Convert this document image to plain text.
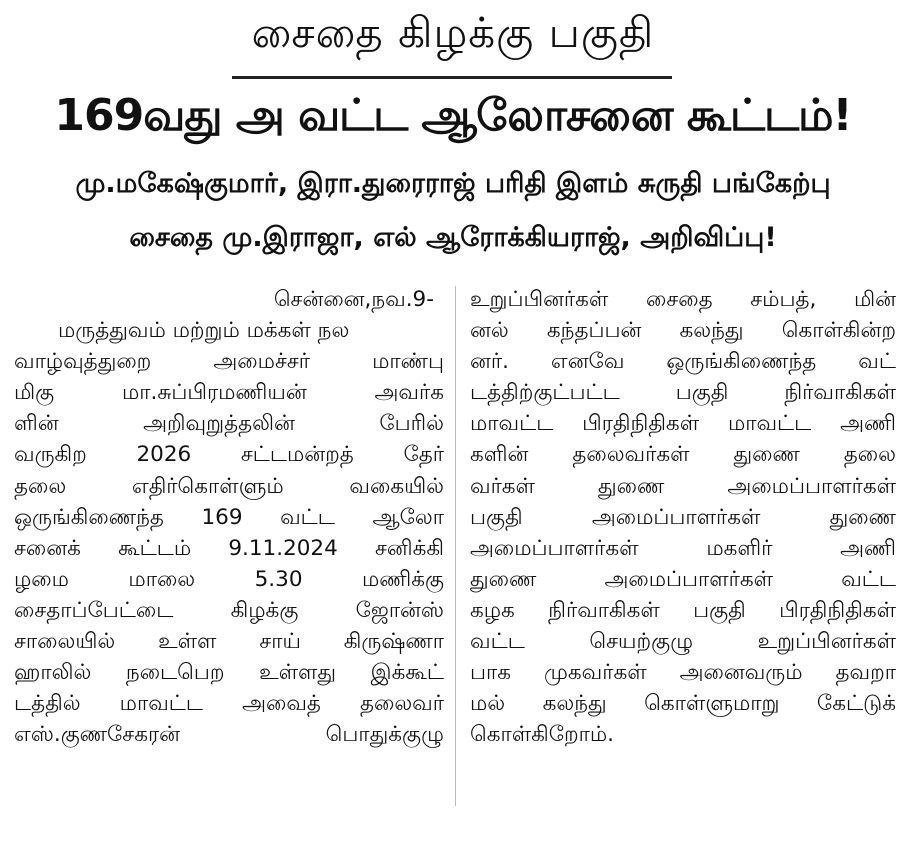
சைதை கிழக்கு பகுதி
169வது அ வட்ட ஆலோசனை கூட்டம்!
மு.மகேஷ்குமார், இரா.துரைராஜ் பரிதி இளம் சுருதி பங்கேற்பு
சைதை மு.இராஜா, எல் ஆரோக்கியராஜ், அறிவிப்பு!
சென்னை,நவ.9-
மருத்துவம் மற்றும் மக்கள் நல
வாழ்வுத்துறை அமைச்சர் மாண்பு
மிகு மா.சுப்பிரமணியன் அவர்க
ளின் அறிவுறுத்தலின் பேரில்
வருகிற 2026 சட்டமன்றத் தேர்
தலை எதிர்கொள்ளும் வகையில்
ஒருங்கிணைந்த 169 வட்ட ஆலோ
சனைக் கூட்டம் 9.11.2024 சனிக்கி
ழமை மாலை 5.30 மணிக்கு
சைதாப்பேட்டை கிழக்கு ஜோன்ஸ்
சாலையில் உள்ள சாய் கிருஷ்ணா
ஹாலில் நடைபெற உள்ளது இக்கூட்
டத்தில் மாவட்ட அவைத் தலைவர்
எஸ்.குணசேகரன் பொதுக்குழு
உறுப்பினர்கள் சைதை சம்பத், மின்
னல் கந்தப்பன் கலந்து கொள்கின்ற
னர். எனவே ஒருங்கிணைந்த வட்
டத்திற்குட்பட்ட பகுதி நிர்வாகிகள்
மாவட்ட பிரதிநிதிகள் மாவட்ட அணி
களின் தலைவர்கள் துணை தலை
வர்கள் துணை அமைப்பாளர்கள்
பகுதி அமைப்பாளர்கள் துணை
அமைப்பாளர்கள் மகளிர் அணி
துணை அமைப்பாளர்கள் வட்ட
கழக நிர்வாகிகள் பகுதி பிரதிநிதிகள்
வட்ட செயற்குழு உறுப்பினர்கள்
பாக முகவர்கள் அனைவரும் தவறா
மல் கலந்து கொள்ளுமாறு கேட்டுக்
கொள்கிறோம்.
